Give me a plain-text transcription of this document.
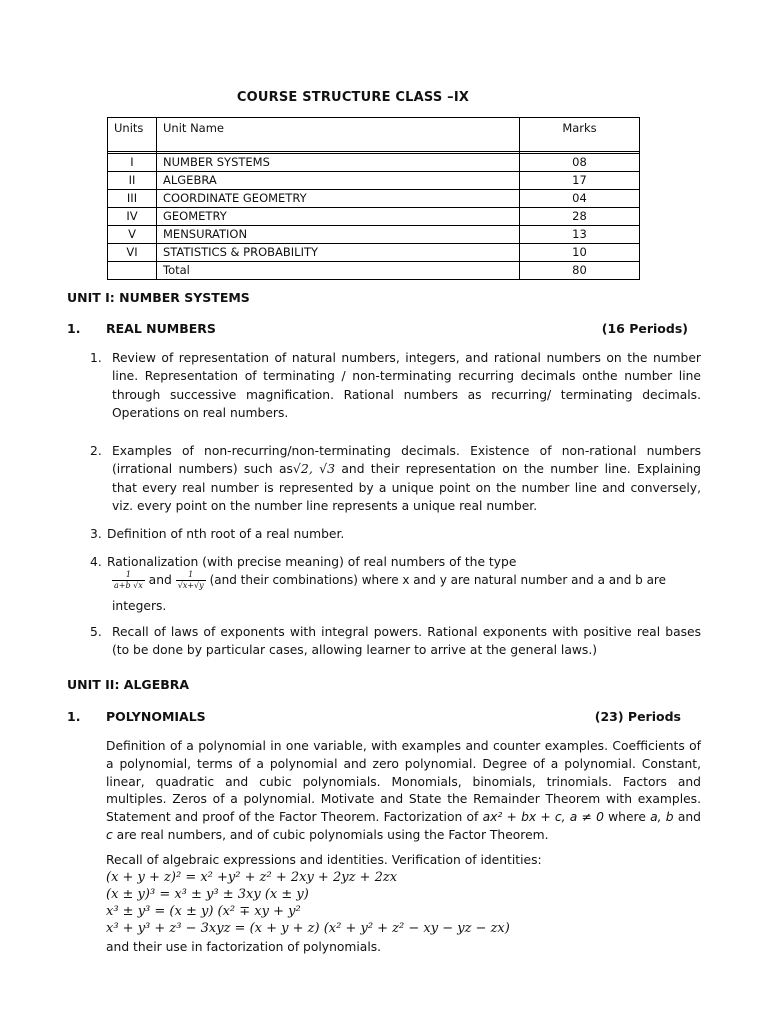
COURSE STRUCTURE CLASS –IX
Units	Unit Name	Marks

I	NUMBER SYSTEMS	08
II	ALGEBRA	17
III	COORDINATE GEOMETRY	04
IV	GEOMETRY	28
V	MENSURATION	13
VI	STATISTICS & PROBABILITY	10
	Total	80
UNIT I: NUMBER SYSTEMS
1. REAL NUMBERS	(16 Periods)
1. Review of representation of natural numbers, integers, and rational numbers on the number line. Representation of terminating / non-terminating recurring decimals onthe number line through successive magnification. Rational numbers as recurring/ terminating decimals. Operations on real numbers.
2. Examples of non-recurring/non-terminating decimals. Existence of non-rational numbers (irrational numbers) such as√2, √3 and their representation on the number line. Explaining that every real number is represented by a unique point on the number line and conversely, viz. every point on the number line represents a unique real number.
3. Definition of nth root of a real number.
4. Rationalization (with precise meaning) of real numbers of the type
$\frac{1}{a+b √x}$ and $\frac{1}{√x+√y} (and$ their combinations) where x and y are natural number and a and b are
integers.
5. Recall of laws of exponents with integral powers. Rational exponents with positive real bases (to be done by particular cases, allowing learner to arrive at the general laws.)
UNIT II: ALGEBRA
1. POLYNOMIALS	(23) Periods
Definition of a polynomial in one variable, with examples and counter examples. Coefficients of a polynomial, terms of a polynomial and zero polynomial. Degree of a polynomial. Constant, linear, quadratic and cubic polynomials. Monomials, binomials, trinomials. Factors and multiples. Zeros of a polynomial. Motivate and State the Remainder Theorem with examples. Statement and proof of the Factor Theorem. Factorization of ax² + bx + c, a ≠ 0 where a, b and c are real numbers, and of cubic polynomials using the Factor Theorem.
Recall of algebraic expressions and identities. Verification of identities:
(x + y + z)² = x² +y² + z² + 2xy + 2yz + 2zx
(x ± y)³ = x³ ± y³ ± 3xy (x ± y)
x³ ± y³ = (x ± y) (x² ∓ xy + y²
x³ + y³ + z³ − 3xyz = (x + y + z) (x² + y² + z² − xy − yz − zx)
and their use in factorization of polynomials.
